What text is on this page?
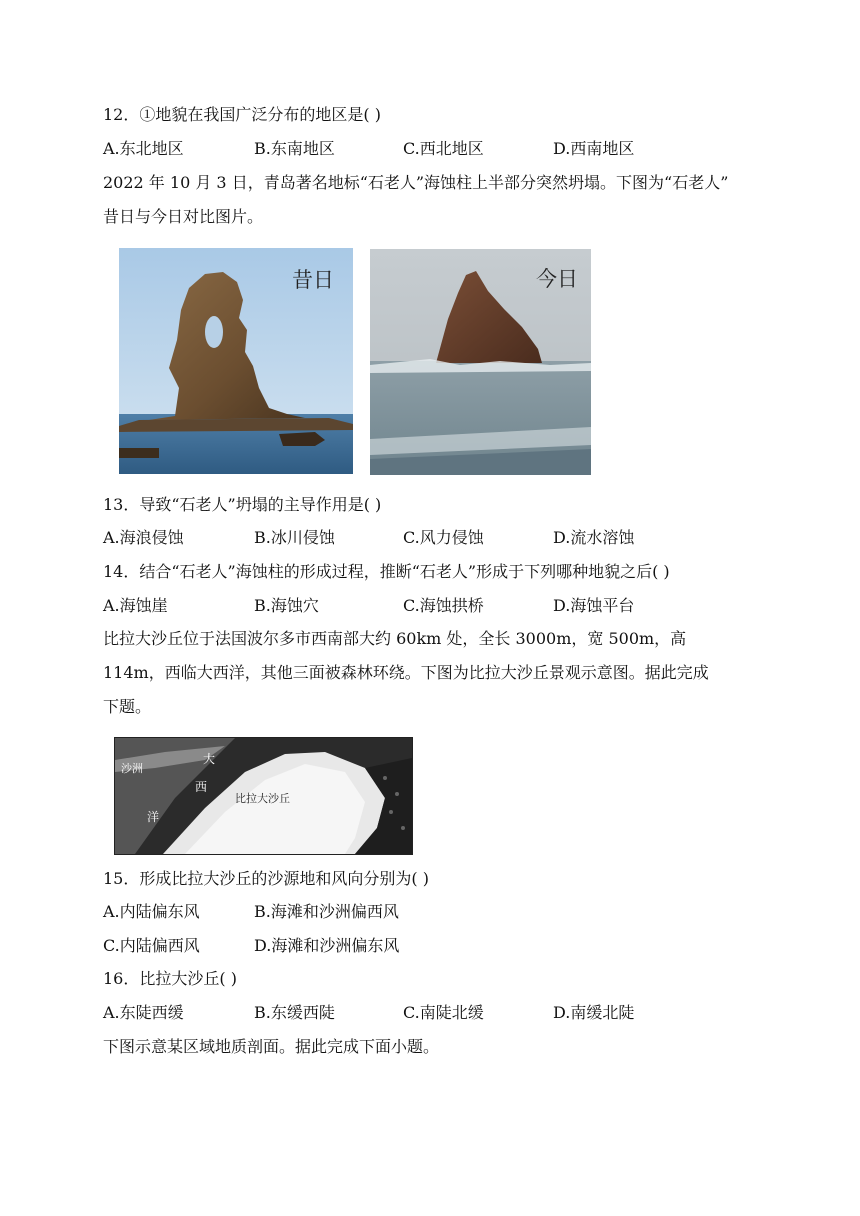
12．①地貌在我国广泛分布的地区是( )
A.东北地区	B.东南地区	C.西北地区	D.西南地区
2022 年 10 月 3 日，青岛著名地标“石老人”海蚀柱上半部分突然坍塌。下图为“石老人”
昔日与今日对比图片。
昔日	今日
13．导致“石老人”坍塌的主导作用是( )
A.海浪侵蚀	B.冰川侵蚀	C.风力侵蚀	D.流水溶蚀
14．结合“石老人”海蚀柱的形成过程，推断“石老人”形成于下列哪种地貌之后( )
A.海蚀崖	B.海蚀穴	C.海蚀拱桥	D.海蚀平台
比拉大沙丘位于法国波尔多市西南部大约 60km 处，全长 3000m，宽 500m，高
114m，西临大西洋，其他三面被森林环绕。下图为比拉大沙丘景观示意图。据此完成
下题。
沙洲
大
西
洋
比拉大沙丘
15．形成比拉大沙丘的沙源地和风向分别为( )
A.内陆偏东风	B.海滩和沙洲偏西风
C.内陆偏西风	D.海滩和沙洲偏东风
16．比拉大沙丘( )
A.东陡西缓	B.东缓西陡	C.南陡北缓	D.南缓北陡
下图示意某区域地质剖面。据此完成下面小题。
